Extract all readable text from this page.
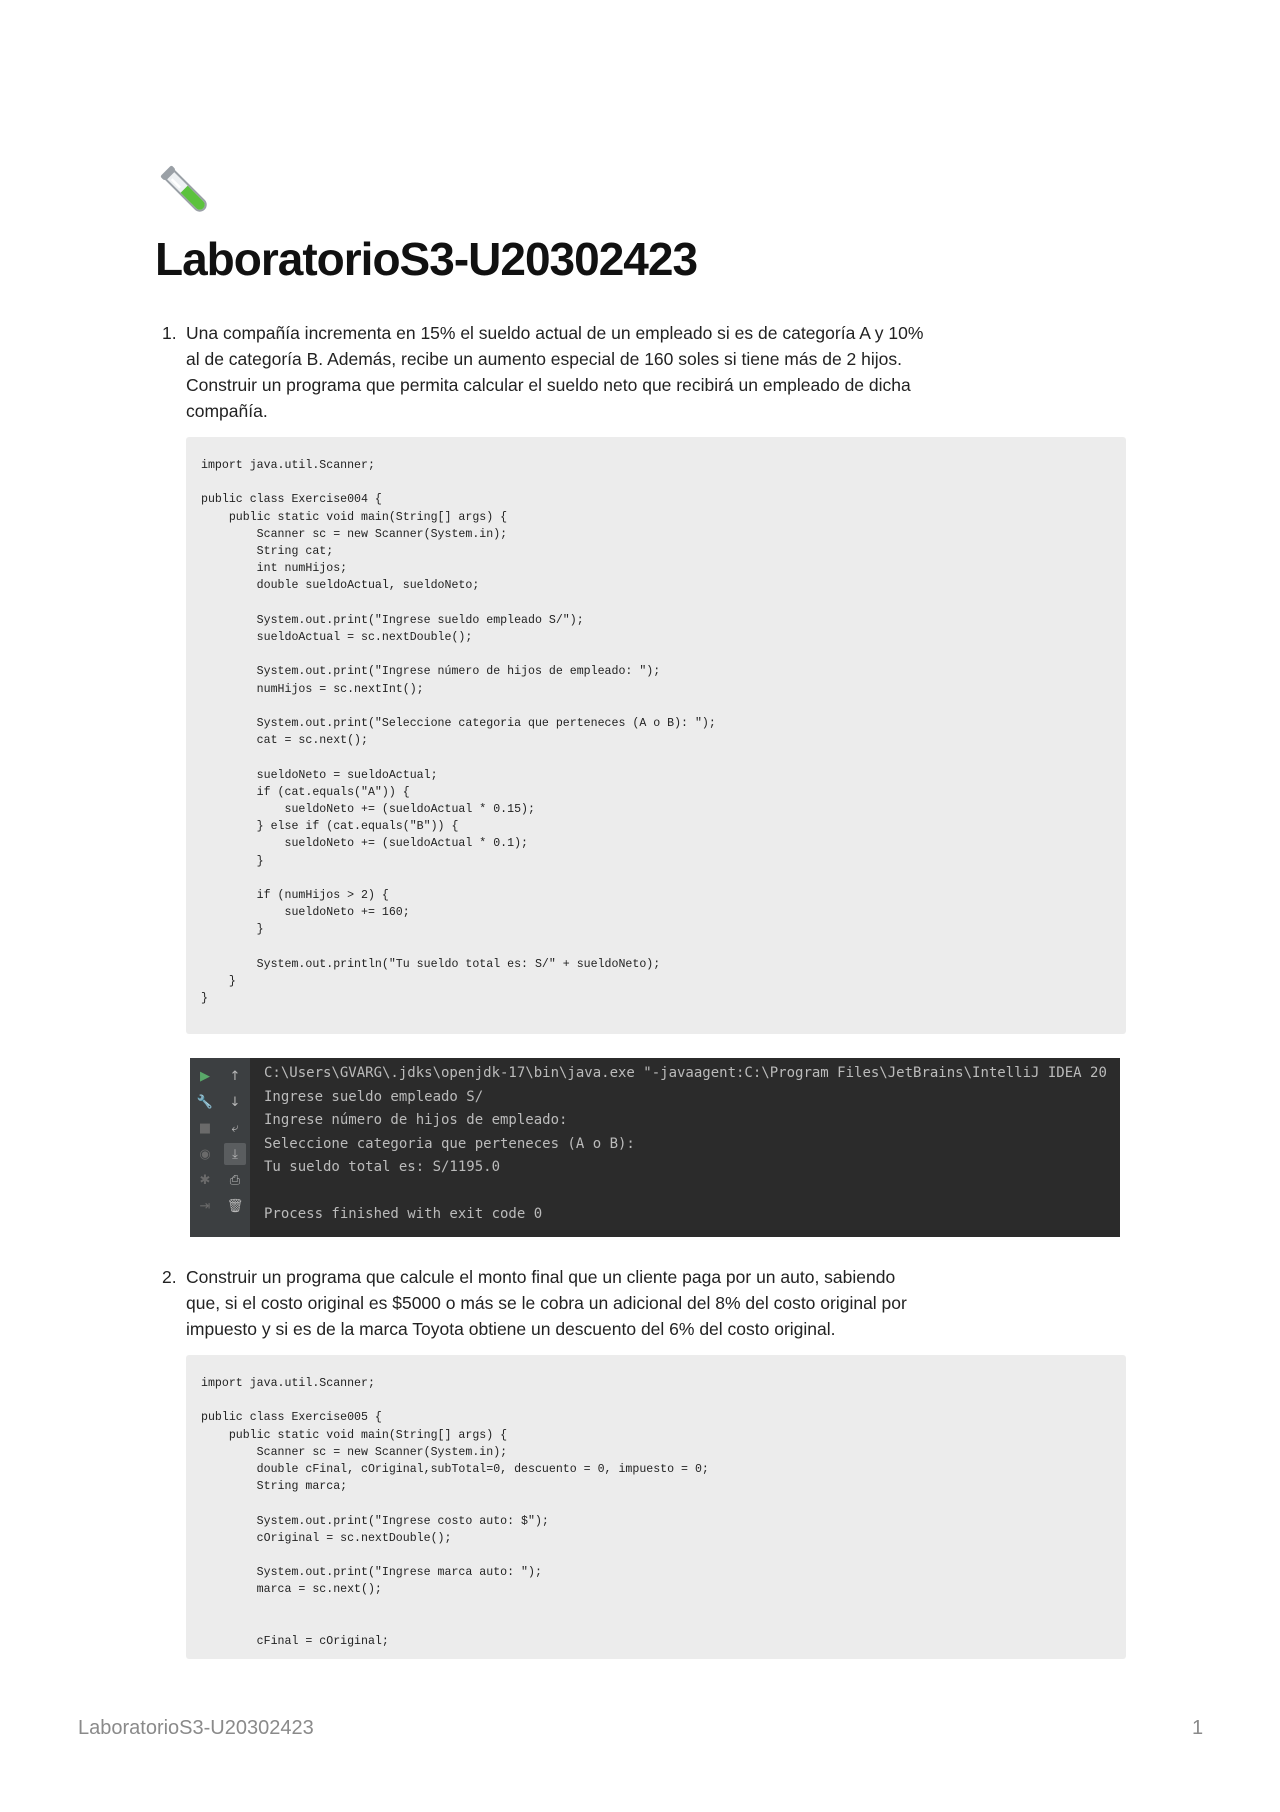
LaboratorioS3-U20302423
1. Una compañía incrementa en 15% el sueldo actual de un empleado si es de categoría A y 10% al de categoría B. Además, recibe un aumento especial de 160 soles si tiene más de 2 hijos. Construir un programa que permita calcular el sueldo neto que recibirá un empleado de dicha compañía.

import java.util.Scanner;

public class Exercise004 {
public static void main(String[] args) {
Scanner sc = new Scanner(System.in);
String cat;
int numHijos;
double sueldoActual, sueldoNeto;

System.out.print("Ingrese sueldo empleado S/");
sueldoActual = sc.nextDouble();

System.out.print("Ingrese número de hijos de empleado: ");
numHijos = sc.nextInt();

System.out.print("Seleccione categoria que perteneces (A o B): ");
cat = sc.next();

sueldoNeto = sueldoActual;
if (cat.equals("A")) {
sueldoNeto += (sueldoActual * 0.15);
} else if (cat.equals("B")) {
sueldoNeto += (sueldoActual * 0.1);
}

if (numHijos > 2) {
sueldoNeto += 160;
}

System.out.println("Tu sueldo total es: S/" + sueldoNeto);
}
}
▶
🔧
■
◉
✱
⇥
↑
↓
⤶
⤓
⎙
🗑
C:\Users\GVARG\.jdks\openjdk-17\bin\java.exe "-javaagent:C:\Program Files\JetBrains\IntelliJ IDEA 20
Ingrese sueldo empleado S/
Ingrese número de hijos de empleado:
Seleccione categoria que perteneces (A o B):
Tu sueldo total es: S/1195.0

Process finished with exit code 0
2. Construir un programa que calcule el monto final que un cliente paga por un auto, sabiendo que, si el costo original es $5000 o más se le cobra un adicional del 8% del costo original por impuesto y si es de la marca Toyota obtiene un descuento del 6% del costo original.

import java.util.Scanner;

public class Exercise005 {
public static void main(String[] args) {
Scanner sc = new Scanner(System.in);
double cFinal, cOriginal,subTotal=0, descuento = 0, impuesto = 0;
String marca;

System.out.print("Ingrese costo auto: $");
cOriginal = sc.nextDouble();

System.out.print("Ingrese marca auto: ");
marca = sc.next();

cFinal = cOriginal;
LaboratorioS3-U20302423	1
